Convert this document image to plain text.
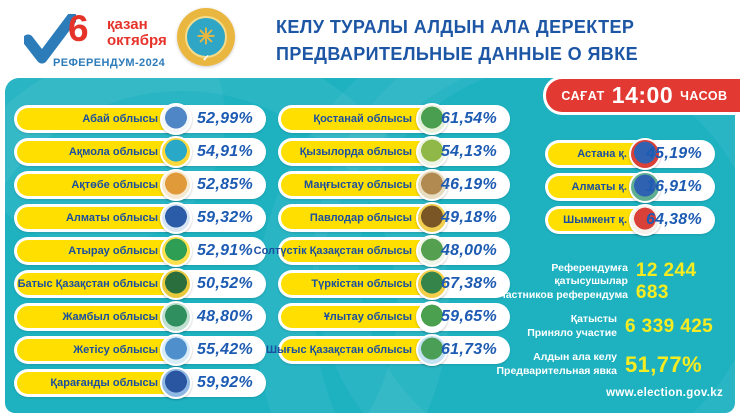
6 қазан
октября
РЕФЕРЕНДУМ-2024
✳
✓	КЕЛУ ТУРАЛЫ АЛДЫН АЛА ДЕРЕКТЕР
ПРЕДВАРИТЕЛЬНЫЕ ДАННЫЕ О ЯВКЕ
САҒАТ 14:00 ЧАСОВ
Абай облысы	52,99%
Ақмола облысы	54,91%
Ақтөбе облысы	52,85%
Алматы облысы	59,32%
Атырау облысы	52,91%
Батыс Қазақстан облысы	50,52%
Жамбыл облысы	48,80%
Жетісу облысы	55,42%
Қарағанды облысы	59,92%
Қостанай облысы	61,54%
Қызылорда облысы	54,13%
Маңғыстау облысы	46,19%
Павлодар облысы	49,18%
Солтүстік Қазақстан облысы	48,00%
Түркістан облысы	67,38%
Ұлытау облысы	59,65%
Шығыс Қазақстан облысы	61,73%
Астана қ.	45,19%
Алматы қ.	16,91%
Шымкент қ.	64,38%
Референдумға қатысушылар
Участников референдума
12 244 683
Қатысты
Приняло участие 6 339 425
Алдын ала келу
Предварительная явка 51,77%
www.election.gov.kz
